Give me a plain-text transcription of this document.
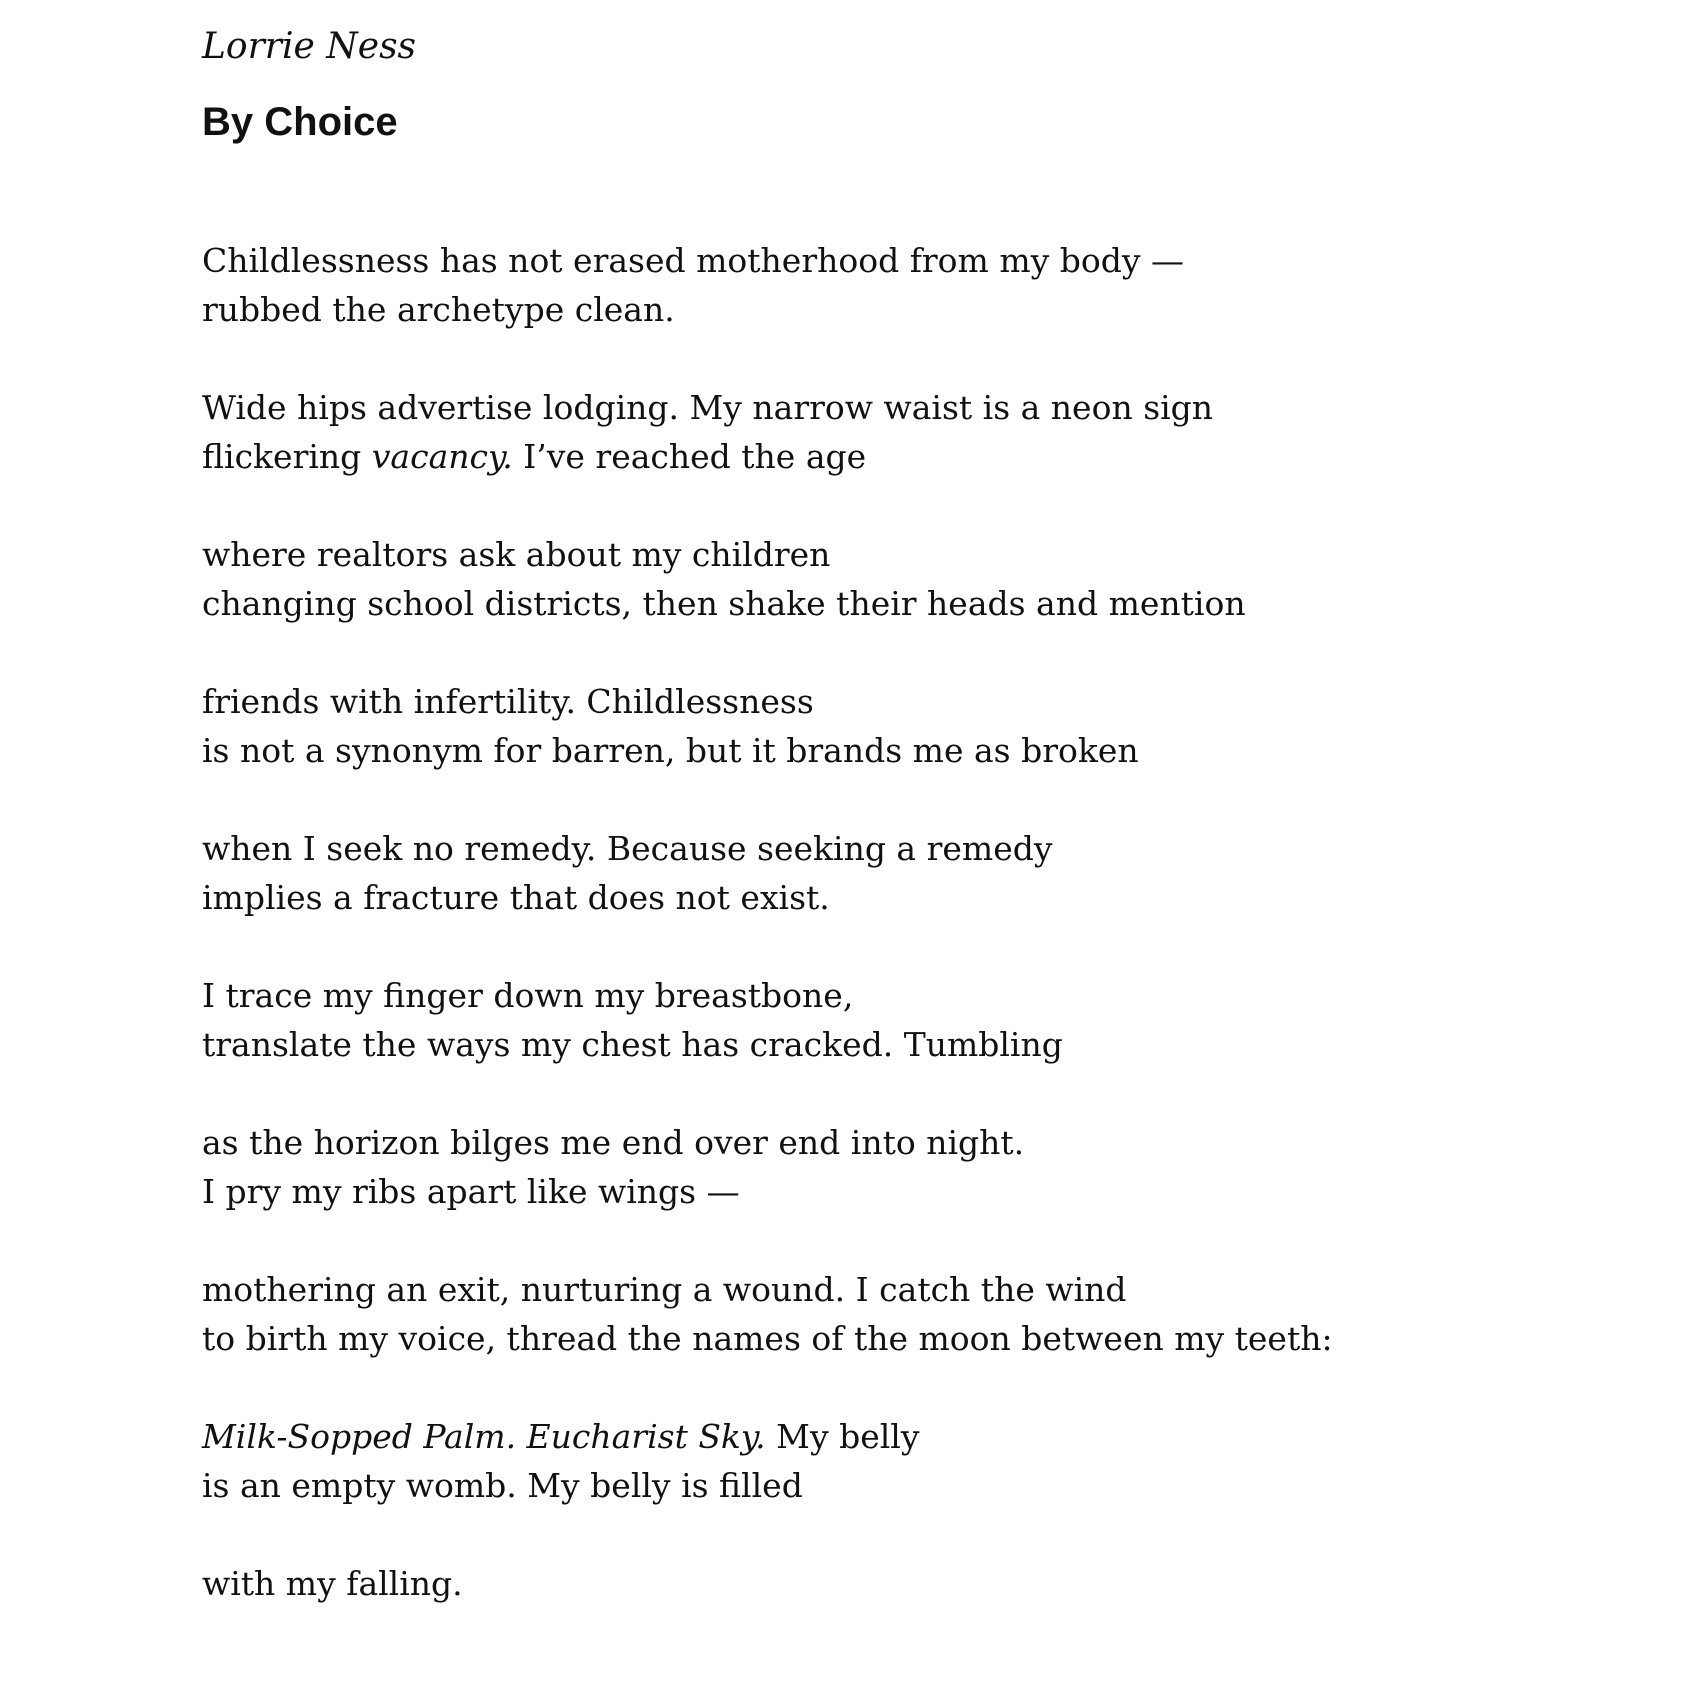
Lorrie Ness

By Choice
Childlessness has not erased motherhood from my body —
rubbed the archetype clean.
Wide hips advertise lodging. My narrow waist is a neon sign
flickering vacancy. I’ve reached the age
where realtors ask about my children
changing school districts, then shake their heads and mention
friends with infertility. Childlessness
is not a synonym for barren, but it brands me as broken
when I seek no remedy. Because seeking a remedy
implies a fracture that does not exist.
I trace my finger down my breastbone,
translate the ways my chest has cracked. Tumbling
as the horizon bilges me end over end into night.
I pry my ribs apart like wings —
mothering an exit, nurturing a wound. I catch the wind
to birth my voice, thread the names of the moon between my teeth:
Milk-Sopped Palm. Eucharist Sky. My belly
is an empty womb. My belly is filled
with my falling.
